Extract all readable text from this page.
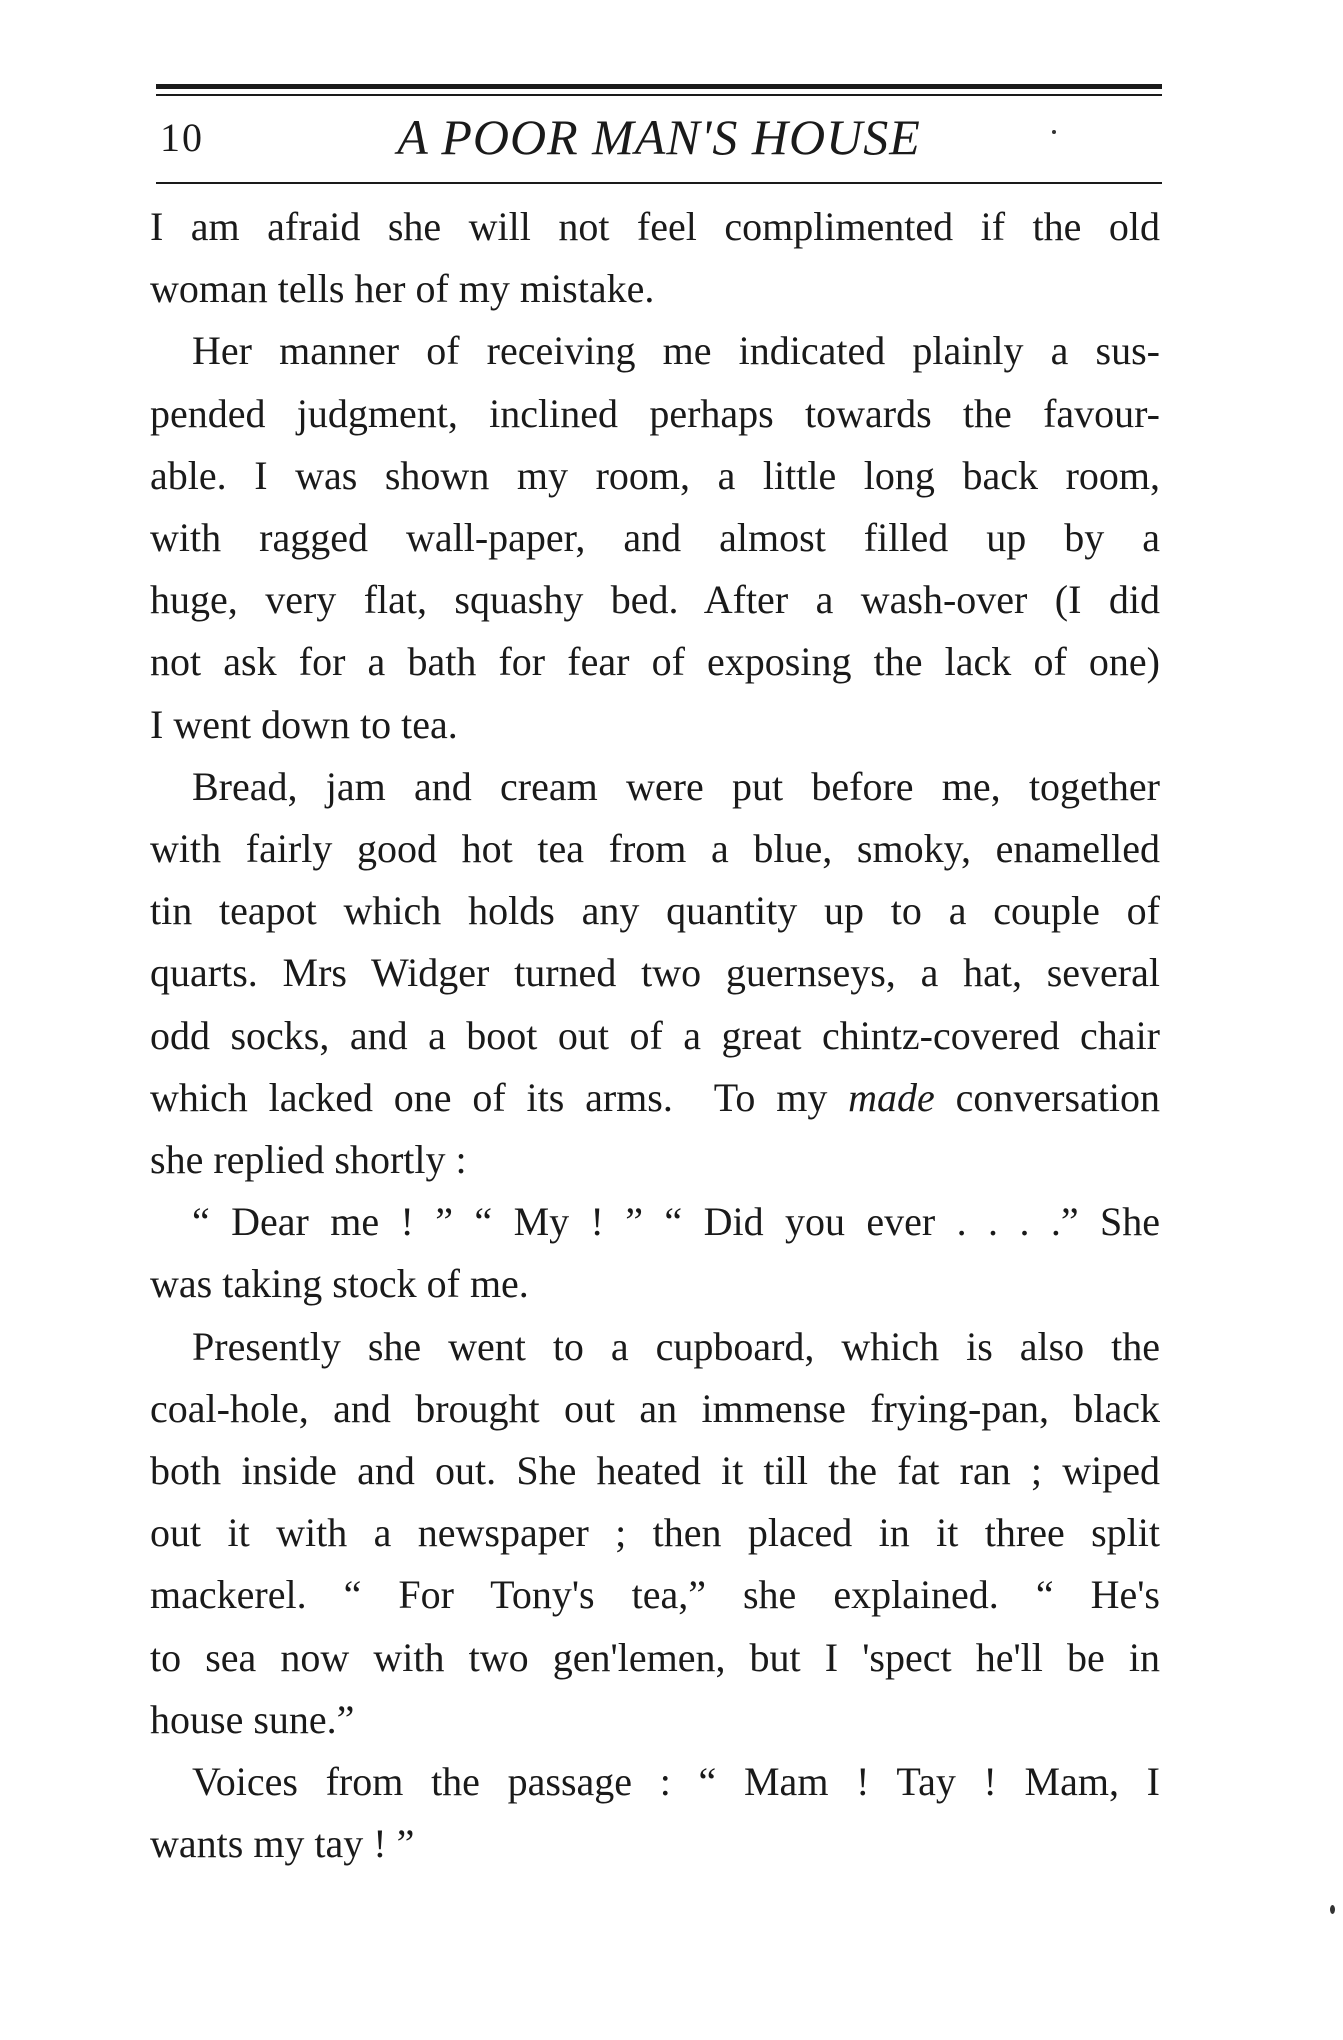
10	A POOR MAN'S HOUSE
I am afraid she will not feel complimented if the old
woman tells her of my mistake.
Her manner of receiving me indicated plainly a sus-
pended judgment, inclined perhaps towards the favour-
able. I was shown my room, a little long back room,
with ragged wall-paper, and almost filled up by a
huge, very flat, squashy bed. After a wash-over (I did
not ask for a bath for fear of exposing the lack of one)
I went down to tea.
Bread, jam and cream were put before me, together
with fairly good hot tea from a blue, smoky, enamelled
tin teapot which holds any quantity up to a couple of
quarts. Mrs Widger turned two guernseys, a hat, several
odd socks, and a boot out of a great chintz-covered chair
which lacked one of its arms.  To my made conversation
she replied shortly :
“ Dear me ! ” “ My ! ” “ Did you ever . . . .” She
was taking stock of me.
Presently she went to a cupboard, which is also the
coal-hole, and brought out an immense frying-pan, black
both inside and out. She heated it till the fat ran ; wiped
out it with a newspaper ; then placed in it three split
mackerel. “ For Tony's tea,” she explained. “ He's
to sea now with two gen'lemen, but I 'spect he'll be in
house sune.”
Voices from the passage : “ Mam ! Tay ! Mam, I
wants my tay ! ”
